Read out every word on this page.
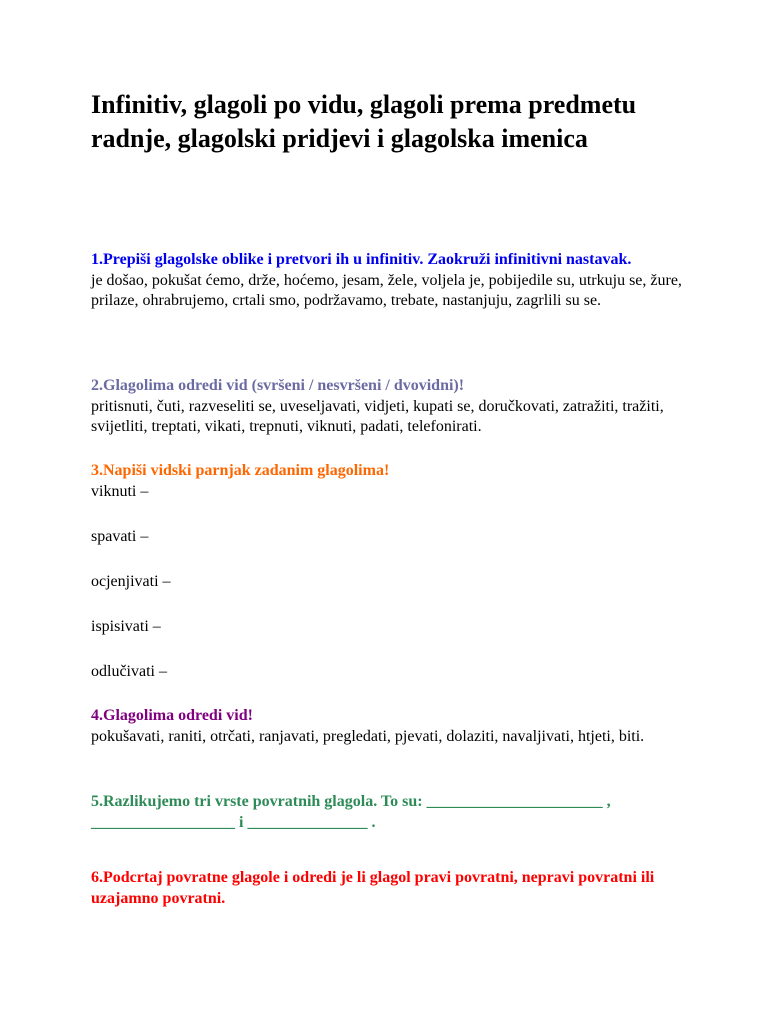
Infinitiv, glagoli po vidu, glagoli prema predmetu radnje, glagolski pridjevi i glagolska imenica

1.Prepiši glagolske oblike i pretvori ih u infinitiv. Zaokruži infinitivni nastavak.

je došao, pokušat ćemo, drže, hoćemo, jesam, žele, voljela je, pobijedile su, utrkuju se, žure, prilaze, ohrabrujemo, crtali smo, podržavamo, trebate, nastanjuju, zagrlili su se.

2.Glagolima odredi vid (svršeni / nesvršeni / dvovidni)!

pritisnuti, čuti, razveseliti se, uveseljavati, vidjeti, kupati se, doručkovati, zatražiti, tražiti, svijetliti, treptati, vikati, trepnuti, viknuti, padati, telefonirati.

3.Napiši vidski parnjak zadanim glagolima!

viknuti –
spavati –
ocjenjivati –
ispisivati –
odlučivati –

4.Glagolima odredi vid!

pokušavati, raniti, otrčati, ranjavati, pregledati, pjevati, dolaziti, navaljivati, htjeti, biti.

5.Razlikujemo tri vrste povratnih glagola. To su: ______________________ , __________________ i _______________ .

6.Podcrtaj povratne glagole i odredi je li glagol pravi povratni, nepravi povratni ili uzajamno povratni.
